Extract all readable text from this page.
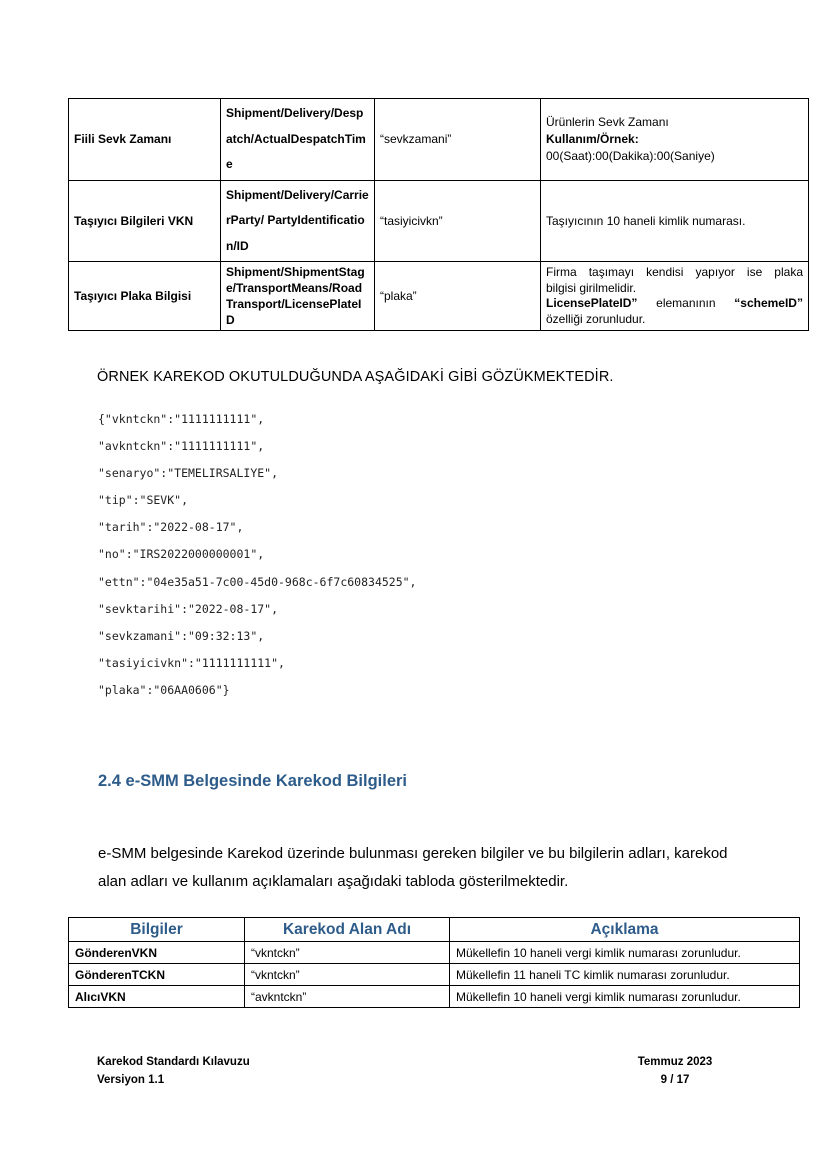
Fiili Sevk Zamanı	Shipment/Delivery/Despatch/ActualDespatchTime	“sevkzamani”	Ürünlerin Sevk Zamanı
Kullanım/Örnek:
00(Saat):00(Dakika):00(Saniye)

Taşıyıcı Bilgileri VKN	Shipment/Delivery/CarrierParty/ PartyIdentification/ID	“tasiyicivkn”	Taşıyıcının 10 haneli kimlik numarası.
Taşıyıcı Plaka Bilgisi	Shipment/ShipmentStage/TransportMeans/RoadTransport/LicensePlateID	“plaka”	Firma taşımayı kendisi yapıyor ise plaka
bilgisi girilmelidir.
LicensePlateID” elemanının “schemeID”
özelliği zorunludur.
ÖRNEK KAREKOD OKUTULDUĞUNDA AŞAĞIDAKİ GİBİ GÖZÜKMEKTEDİR.
{"vkntckn":"1111111111",
"avkntckn":"1111111111",
"senaryo":"TEMELIRSALIYE",
"tip":"SEVK",
"tarih":"2022-08-17",
"no":"IRS2022000000001",
"ettn":"04e35a51-7c00-45d0-968c-6f7c60834525",
"sevktarihi":"2022-08-17",
"sevkzamani":"09:32:13",
"tasiyicivkn":"1111111111",
"plaka":"06AA0606"}
2.4 e-SMM Belgesinde Karekod Bilgileri
e-SMM belgesinde Karekod üzerinde bulunması gereken bilgiler ve bu bilgilerin adları, karekod alan adları ve kullanım açıklamaları aşağıdaki tabloda gösterilmektedir.
Bilgiler	Karekod Alan Adı	Açıklama
GönderenVKN	“vkntckn”	Mükellefin 10 haneli vergi kimlik numarası zorunludur.
GönderenTCKN	“vkntckn”	Mükellefin 11 haneli TC kimlik numarası zorunludur.
AlıcıVKN	“avkntckn”	Mükellefin 10 haneli vergi kimlik numarası zorunludur.
Karekod Standardı Kılavuzu
Versiyon 1.1
Temmuz 2023
9 / 17
